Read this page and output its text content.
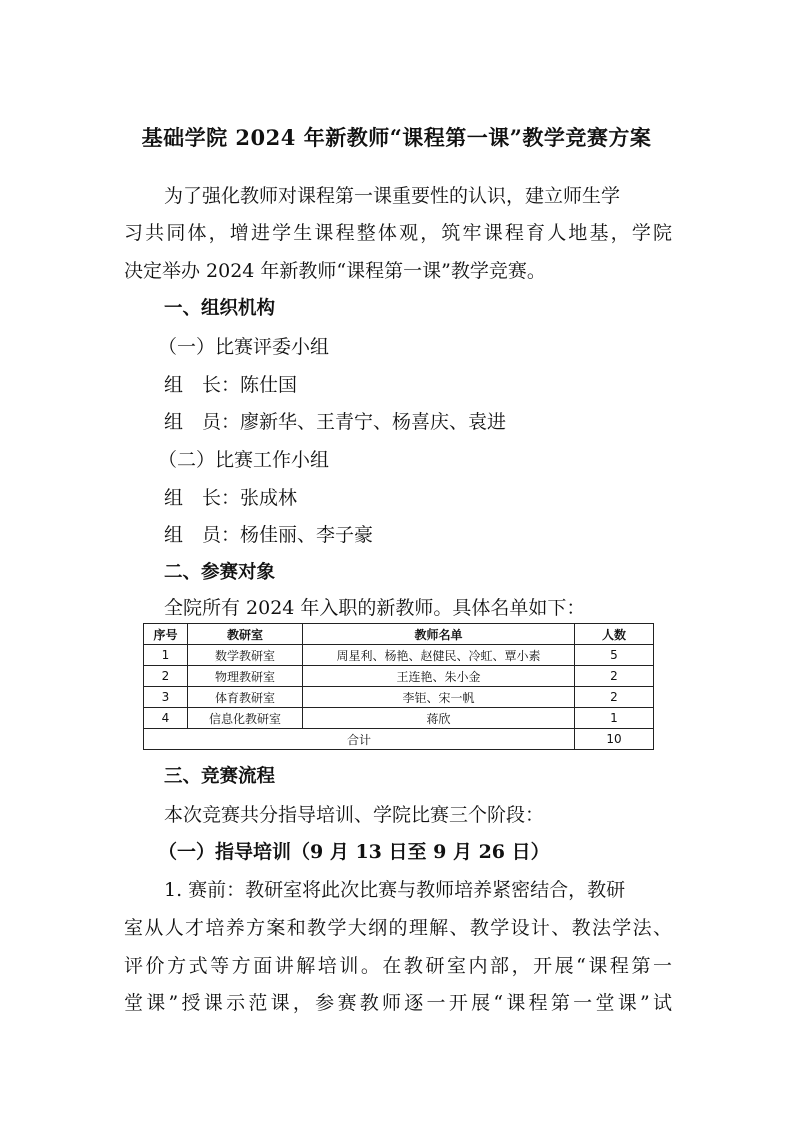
基础学院 2024 年新教师“课程第一课”教学竞赛方案
为了强化教师对课程第一课重要性的认识，建立师生学
习共同体，增进学生课程整体观，筑牢课程育人地基，学院
决定举办 2024 年新教师“课程第一课”教学竞赛。
一、组织机构
（一）比赛评委小组
组　长：陈仕国
组　员：廖新华、王青宁、杨喜庆、袁进
（二）比赛工作小组
组　长：张成林
组　员：杨佳丽、李子豪
二、参赛对象
全院所有 2024 年入职的新教师。具体名单如下：
序号	教研室	教师名单	人数
1	数学教研室	周星利、杨艳、赵健民、冷虹、覃小素	5
2	物理教研室	王连艳、朱小金	2
3	体育教研室	李钜、宋一帆	2
4	信息化教研室	蒋欣	1
合计			10
三、竞赛流程
本次竞赛共分指导培训、学院比赛三个阶段：
（一）指导培训（9 月 13 日至 9 月 26 日）
1. 赛前：教研室将此次比赛与教师培养紧密结合，教研
室从人才培养方案和教学大纲的理解、教学设计、教法学法、
评价方式等方面讲解培训。在教研室内部，开展“课程第一
堂课”授课示范课，参赛教师逐一开展“课程第一堂课”试
